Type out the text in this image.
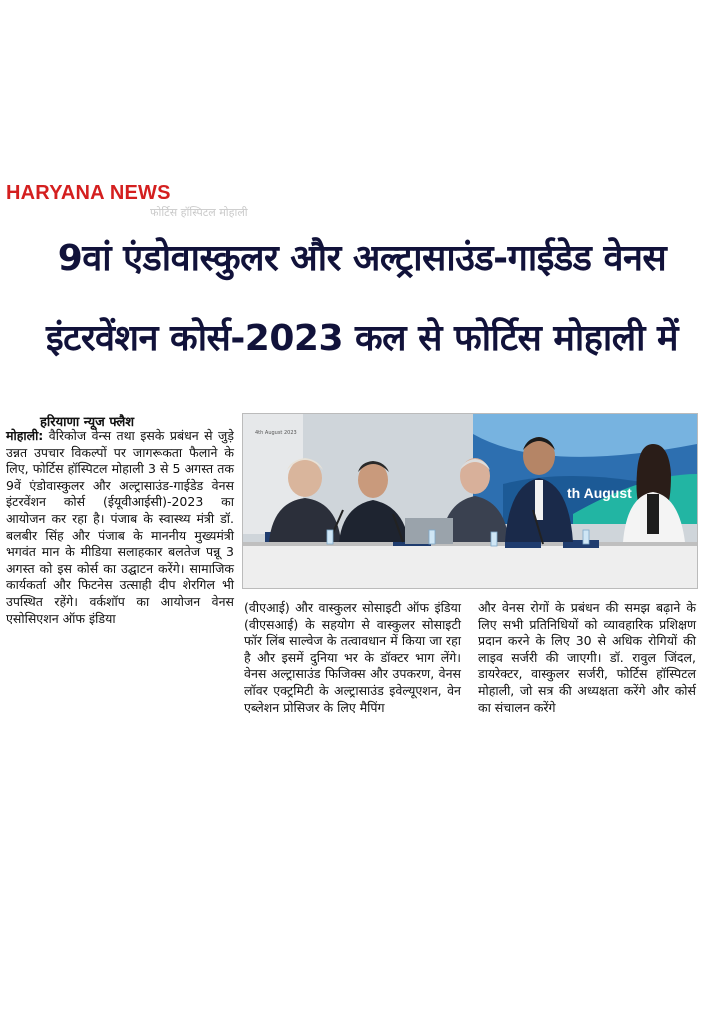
HARYANA NEWS
फोर्टिस हॉस्पिटल मोहाली
9वां एंडोवास्कुलर और अल्ट्रासाउंड-गाईडेड वेनस
इंटरवेंशन कोर्स-2023 कल से फोर्टिस मोहाली में
हरियाणा न्यूज फ्लैश
मोहाली: वैरिकोज वेन्स तथा इसके प्रबंधन से जुड़े उन्नत उपचार विकल्पों पर जागरूकता फैलाने के लिए, फोर्टिस हॉस्पिटल मोहाली 3 से 5 अगस्त तक 9वें एंडोवास्कुलर और अल्ट्रासाउंड-गाईडेड वेनस इंटरवेंशन कोर्स (ईयूवीआईसी)-2023 का आयोजन कर रहा है। पंजाब के स्वास्थ्य मंत्री डॉ. बलबीर सिंह और पंजाब के माननीय मुख्यमंत्री भगवंत मान के मीडिया सलाहकार बलतेज पन्नू 3 अगस्त को इस कोर्स का उद्घाटन करेंगे। सामाजिक कार्यकर्ता और फिटनेस उत्साही दीप शेरगिल भी उपस्थित रहेंगे। वर्कशॉप का आयोजन वेनस एसोसिएशन ऑफ इंडिया
4th August 2023
th August
(वीएआई) और वास्कुलर सोसाइटी ऑफ इंडिया (वीएसआई) के सहयोग से वास्कुलर सोसाइटी फॉर लिंब साल्वेज के तत्वावधान में किया जा रहा है और इसमें दुनिया भर के डॉक्टर भाग लेंगे। वेनस अल्ट्रासाउंड फिजिक्स और उपकरण, वेनस लॉवर एक्ट्रमिटी के अल्ट्रासाउंड इवेल्यूएशन, वेन एब्लेशन प्रोसिजर के लिए मैपिंग
और वेनस रोगों के प्रबंधन की समझ बढ़ाने के लिए सभी प्रतिनिधियों को व्यावहारिक प्रशिक्षण प्रदान करने के लिए 30 से अधिक रोगियों की लाइव सर्जरी की जाएगी। डॉ. रावुल जिंदल, डायरेक्टर, वास्कुलर सर्जरी, फोर्टिस हॉस्पिटल मोहाली, जो सत्र की अध्यक्षता करेंगे और कोर्स का संचालन करेंगे
